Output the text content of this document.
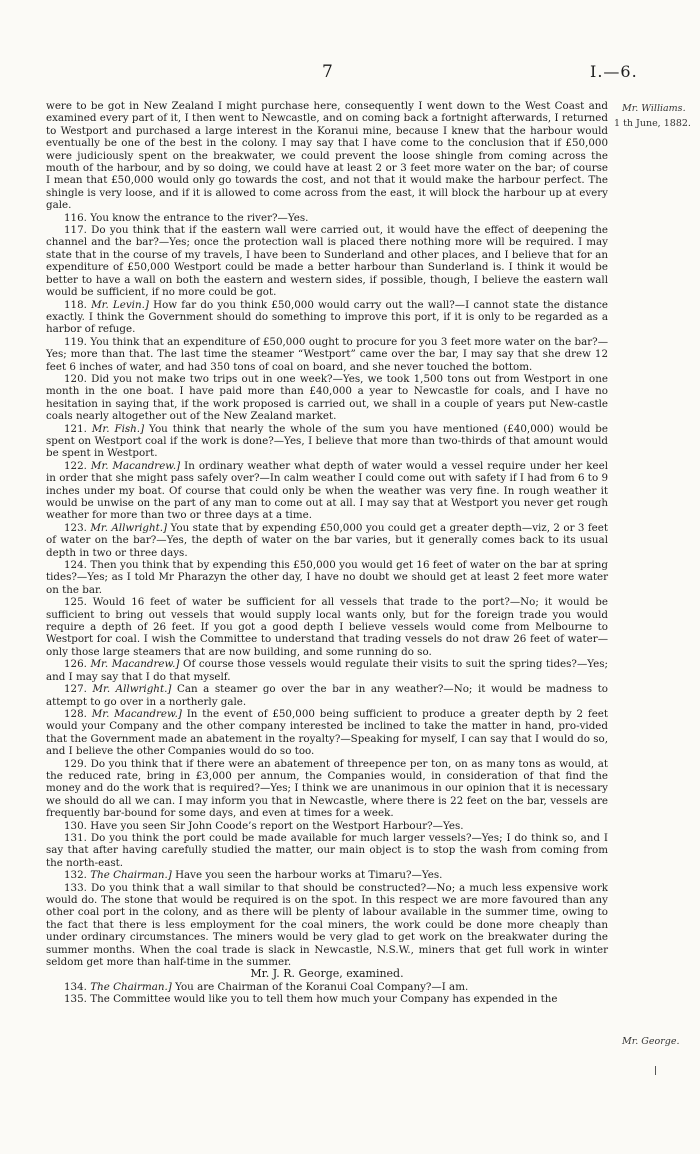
7	I.—6.
Mr. Williams.
1 th June, 1882.
Mr. George.

were to be got in New Zealand I might purchase here, consequently I went down to the West Coast and examined every part of it, I then went to Newcastle, and on coming back a fortnight afterwards, I returned to Westport and purchased a large interest in the Koranui mine, because I knew that the harbour would eventually be one of the best in the colony. I may say that I have come to the conclusion that if £50,000 were judiciously spent on the breakwater, we could prevent the loose shingle from coming across the mouth of the harbour, and by so doing, we could have at least 2 or 3 feet more water on the bar; of course I mean that £50,000 would only go towards the cost, and not that it would make the harbour perfect. The shingle is very loose, and if it is allowed to come across from the east, it will block the harbour up at every gale.

116. You know the entrance to the river?—Yes.

117. Do you think that if the eastern wall were carried out, it would have the effect of deepening the channel and the bar?—Yes; once the protection wall is placed there nothing more will be required. I may state that in the course of my travels, I have been to Sunderland and other places, and I believe that for an expenditure of £50,000 Westport could be made a better harbour than Sunderland is. I think it would be better to have a wall on both the eastern and western sides, if possible, though, I believe the eastern wall would be sufficient, if no more could be got.

118. Mr. Levin.] How far do you think £50,000 would carry out the wall?—I cannot state the distance exactly. I think the Government should do something to improve this port, if it is only to be regarded as a harbor of refuge.

119. You think that an expenditure of £50,000 ought to procure for you 3 feet more water on the bar?—Yes; more than that. The last time the steamer “Westport” came over the bar, I may say that she drew 12 feet 6 inches of water, and had 350 tons of coal on board, and she never touched the bottom.

120. Did you not make two trips out in one week?—Yes, we took 1,500 tons out from Westport in one month in the one boat. I have paid more than £40,000 a year to Newcastle for coals, and I have no hesitation in saying that, if the work proposed is carried out, we shall in a couple of years put New-castle coals nearly altogether out of the New Zealand market.

121. Mr. Fish.] You think that nearly the whole of the sum you have mentioned (£40,000) would be spent on Westport coal if the work is done?—Yes, I believe that more than two-thirds of that amount would be spent in Westport.

122. Mr. Macandrew.] In ordinary weather what depth of water would a vessel require under her keel in order that she might pass safely over?—In calm weather I could come out with safety if I had from 6 to 9 inches under my boat. Of course that could only be when the weather was very fine. In rough weather it would be unwise on the part of any man to come out at all. I may say that at Westport you never get rough weather for more than two or three days at a time.

123. Mr. Allwright.] You state that by expending £50,000 you could get a greater depth—viz, 2 or 3 feet of water on the bar?—Yes, the depth of water on the bar varies, but it generally comes back to its usual depth in two or three days.

124. Then you think that by expending this £50,000 you would get 16 feet of water on the bar at spring tides?—Yes; as I told Mr Pharazyn the other day, I have no doubt we should get at least 2 feet more water on the bar.

125. Would 16 feet of water be sufficient for all vessels that trade to the port?—No; it would be sufficient to bring out vessels that would supply local wants only, but for the foreign trade you would require a depth of 26 feet. If you got a good depth I believe vessels would come from Melbourne to Westport for coal. I wish the Committee to understand that trading vessels do not draw 26 feet of water—only those large steamers that are now building, and some running do so.

126. Mr. Macandrew.] Of course those vessels would regulate their visits to suit the spring tides?—Yes; and I may say that I do that myself.

127. Mr. Allwright.] Can a steamer go over the bar in any weather?—No; it would be madness to attempt to go over in a northerly gale.

128. Mr. Macandrew.] In the event of £50,000 being sufficient to produce a greater depth by 2 feet would your Company and the other company interested be inclined to take the matter in hand, pro-vided that the Government made an abatement in the royalty?—Speaking for myself, I can say that I would do so, and I believe the other Companies would do so too.

129. Do you think that if there were an abatement of threepence per ton, on as many tons as would, at the reduced rate, bring in £3,000 per annum, the Companies would, in consideration of that find the money and do the work that is required?—Yes; I think we are unanimous in our opinion that it is necessary we should do all we can. I may inform you that in Newcastle, where there is 22 feet on the bar, vessels are frequently bar-bound for some days, and even at times for a week.

130. Have you seen Sir John Coode’s report on the Westport Harbour?—Yes.

131. Do you think the port could be made available for much larger vessels?—Yes; I do think so, and I say that after having carefully studied the matter, our main object is to stop the wash from coming from the north-east.

132. The Chairman.] Have you seen the harbour works at Timaru?—Yes.

133. Do you think that a wall similar to that should be constructed?—No; a much less expensive work would do. The stone that would be required is on the spot. In this respect we are more favoured than any other coal port in the colony, and as there will be plenty of labour available in the summer time, owing to the fact that there is less employment for the coal miners, the work could be done more cheaply than under ordinary circumstances. The miners would be very glad to get work on the breakwater during the summer months. When the coal trade is slack in Newcastle, N.S.W., miners that get full work in winter seldom get more than half-time in the summer.

Mr. J. R. George, examined.

134. The Chairman.] You are Chairman of the Koranui Coal Company?—I am.

135. The Committee would like you to tell them how much your Company has expended in the
